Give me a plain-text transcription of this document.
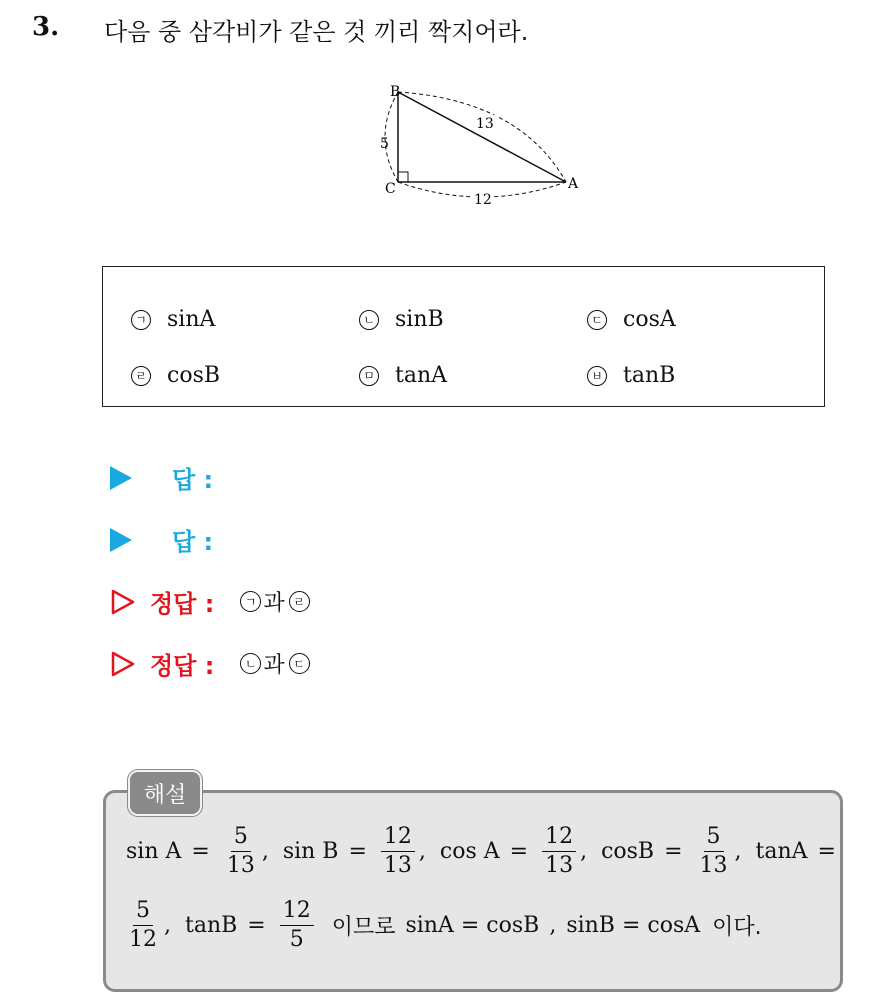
3. 다음 중 삼각비가 같은 것 끼리 짝지어라.
B
C	A
13
5
12
ㄱ sinA	ㄴ sinB	ㄷ cosA
ㄹ cosB	ㅁ tanA	ㅂ tanB
답 :
답 :
정답 :	ㄱ 과 ㄹ
정답 :	ㄴ 과 ㄷ
해설
$\sin A = \frac{5}{13}$ , $\sin B = \frac{12}{13}$ , $\cos A = \frac{12}{13}$ , $\cos B = \frac{5}{13}$ , tanA =
$\frac{5}{12}$ , $\tan B = \frac{12}{5}$ 이므로 sinA = cosB , sinB = cosA 이다.
